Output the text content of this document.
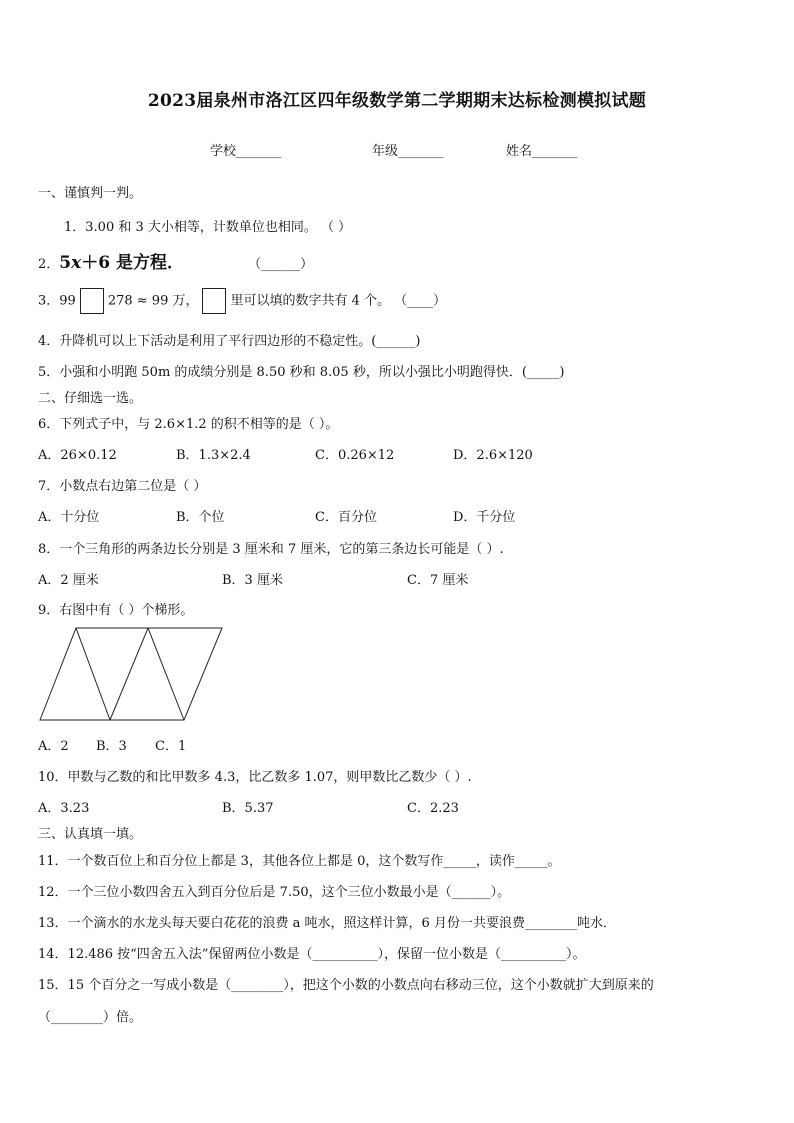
2023届泉州市洛江区四年级数学第二学期期末达标检测模拟试题
学校_______	年级_______	姓名_______
一、谨慎判一判。
1．3.00 和 3 大小相等，计数单位也相同。 （ ）
2．5x＋6 是方程．	（______）
3．99 278 ≈ 99 万， 里可以填的数字共有 4 个。 （____）
4．升降机可以上下活动是利用了平行四边形的不稳定性。(______)
5．小强和小明跑 50m 的成绩分别是 8.50 秒和 8.05 秒，所以小强比小明跑得快．(_____)
二、仔细选一选。
6．下列式子中，与 2.6×1.2 的积不相等的是（ ）。
A．26×0.12	B．1.3×2.4	C．0.26×12	D．2.6×120
7．小数点右边第二位是（ ）
A．十分位	B．个位	C．百分位	D．千分位
8．一个三角形的两条边长分别是 3 厘米和 7 厘米，它的第三条边长可能是（ ）.
A．2 厘米	B．3 厘米	C．7 厘米
9．右图中有（ ）个梯形。
A．2 B．3 C．1
10．甲数与乙数的和比甲数多 4.3，比乙数多 1.07，则甲数比乙数少（ ）.
A．3.23	B．5.37	C．2.23
三、认真填一填。
11．一个数百位上和百分位上都是 3，其他各位上都是 0，这个数写作_____，读作_____。
12．一个三位小数四舍五入到百分位后是 7.50，这个三位小数最小是（______）。
13．一个滴水的水龙头每天要白花花的浪费 a 吨水，照这样计算，6 月份一共要浪费________吨水．
14．12.486 按“四舍五入法”保留两位小数是（__________），保留一位小数是（__________）。
15．15 个百分之一写成小数是（________），把这个小数的小数点向右移动三位，这个小数就扩大到原来的
（________）倍。
